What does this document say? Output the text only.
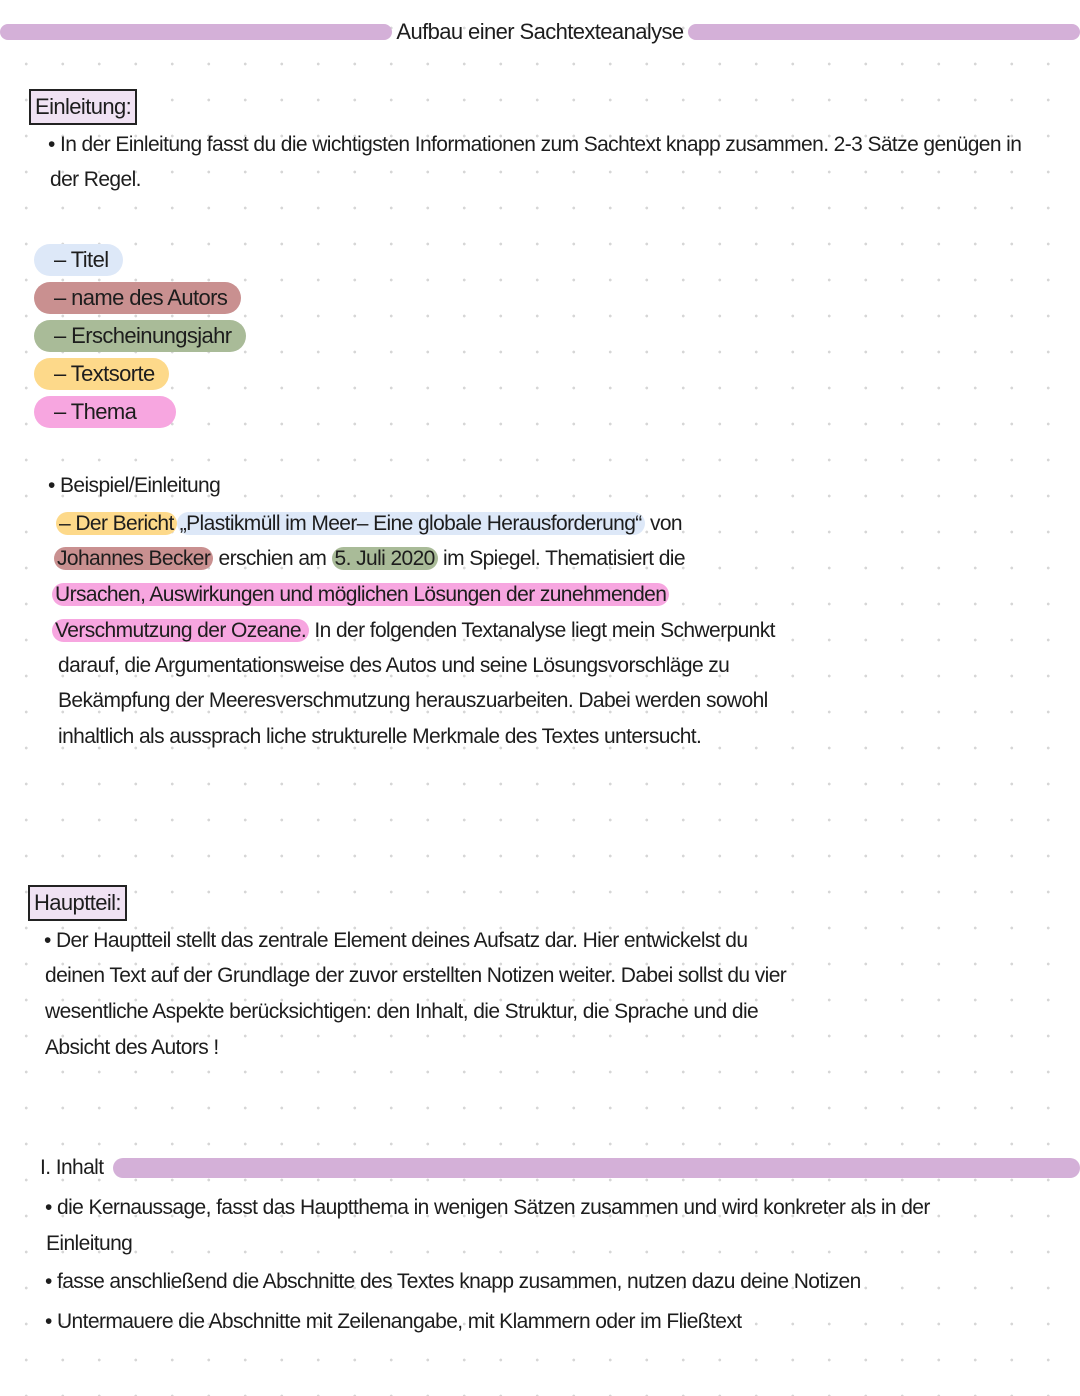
Aufbau einer Sachtexteanalyse
Einleitung:
• In der Einleitung fasst du die wichtigsten Informationen zum Sachtext knapp zusammen. 2-3 Sätze genügen in
der Regel.
– Titel
– name des Autors
– Erscheinungsjahr
– Textsorte
– Thema
• Beispiel/Einleitung
– Der Bericht „Plastikmüll im Meer– Eine globale Herausforderung“ von
Johannes Becker erschien am 5. Juli 2020 im Spiegel. Thematisiert die
Ursachen, Auswirkungen und möglichen Lösungen der zunehmenden
Verschmutzung der Ozeane. In der folgenden Textanalyse liegt mein Schwerpunkt
darauf, die Argumentationsweise des Autos und seine Lösungsvorschläge zu
Bekämpfung der Meeresverschmutzung herauszuarbeiten. Dabei werden sowohl
inhaltlich als aussprach liche strukturelle Merkmale des Textes untersucht.
Hauptteil:
• Der Hauptteil stellt das zentrale Element deines Aufsatz dar. Hier entwickelst du
deinen Text auf der Grundlage der zuvor erstellten Notizen weiter. Dabei sollst du vier
wesentliche Aspekte berücksichtigen: den Inhalt, die Struktur, die Sprache und die
Absicht des Autors !
I. Inhalt
• die Kernaussage, fasst das Hauptthema in wenigen Sätzen zusammen und wird konkreter als in der
Einleitung
• fasse anschließend die Abschnitte des Textes knapp zusammen, nutzen dazu deine Notizen
• Untermauere die Abschnitte mit Zeilenangabe, mit Klammern oder im Fließtext
